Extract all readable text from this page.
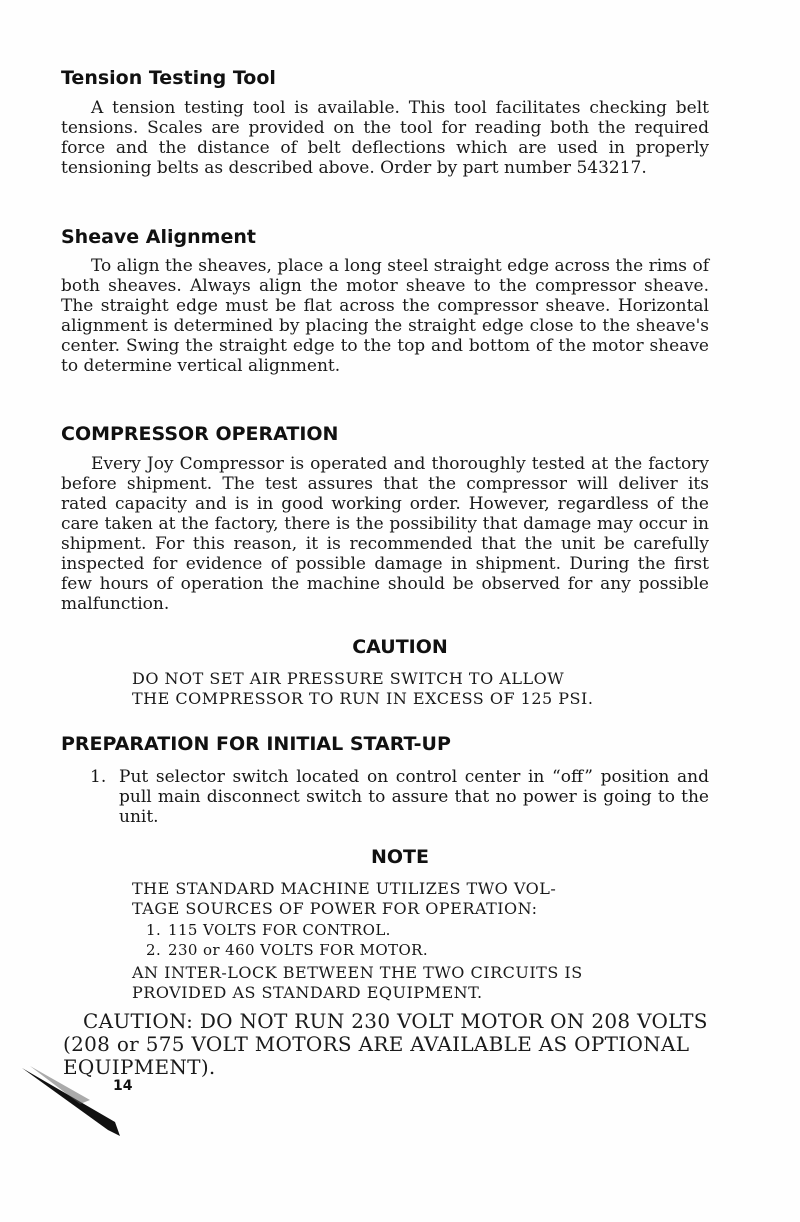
Tension Testing Tool

A tension testing tool is available. This tool facilitates checking belt tensions. Scales are provided on the tool for reading both the required force and the distance of belt deflections which are used in properly tensioning belts as described above. Order by part number 543217.

Sheave Alignment

To align the sheaves, place a long steel straight edge across the rims of both sheaves. Always align the motor sheave to the compressor sheave. The straight edge must be flat across the compressor sheave. Horizontal alignment is determined by placing the straight edge close to the sheave's center. Swing the straight edge to the top and bottom of the motor sheave to determine vertical alignment.

COMPRESSOR OPERATION

Every Joy Compressor is operated and thoroughly tested at the factory before shipment. The test assures that the compressor will deliver its rated capacity and is in good working order. However, regardless of the care taken at the factory, there is the possibility that damage may occur in shipment. For this reason, it is recommended that the unit be carefully inspected for evidence of possible damage in shipment. During the first few hours of operation the machine should be observed for any possible malfunction.

CAUTION
DO NOT SET AIR PRESSURE SWITCH TO ALLOW
THE COMPRESSOR TO RUN IN EXCESS OF 125 PSI.
PREPARATION FOR INITIAL START-UP
1. Put selector switch located on control center in “off” position and pull main disconnect switch to assure that no power is going to the unit.

NOTE
THE STANDARD MACHINE UTILIZES TWO VOL-
TAGE SOURCES OF POWER FOR OPERATION:
1. 115 VOLTS FOR CONTROL.
2. 230 or 460 VOLTS FOR MOTOR.
AN INTER-LOCK BETWEEN THE TWO CIRCUITS IS
PROVIDED AS STANDARD EQUIPMENT.
CAUTION: DO NOT RUN 230 VOLT MOTOR ON 208 VOLTS
(208 or 575 VOLT MOTORS ARE AVAILABLE AS OPTIONAL
EQUIPMENT).
14
